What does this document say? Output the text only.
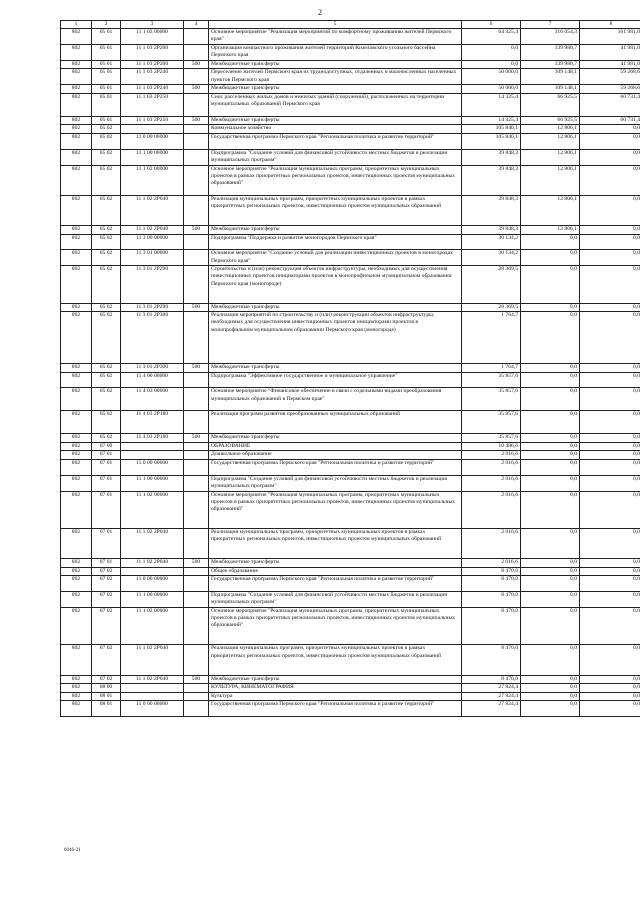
2
1	2	3	4	5	6	7	8
802	05 01	11 1 03 00000		Основное мероприятие "Реализация мероприятий по комфортному проживанию жителей Пермского края"	64 325,4	316 054,3	161 981,0
802	05 01	11 1 03 2Р200		Организация компактного проживания жителей территорий Кизеловского угольного бассейна Пермского края	0,0	139 980,7	41 981,0
802	05 01	11 1 03 2Р200	500	Межбюджетные трансферты	0,0	139 980,7	41 981,0
802	05 01	11 1 03 2Р240		Переселение жителей Пермского края из труднодоступных, отдаленных и малочисленных населенных пунктов Пермского края	50 000,0	109 148,1	59 268,6
802	05 01	11 1 03 2Р240	500	Межбюджетные трансферты	50 000,0	109 148,1	59 268,6
802	05 01	11 1 03 2Р250		Снос расселенных жилых домов и нежилых зданий (сооружений), расположенных на территории муниципальных образований Пермского края	14 325,4	66 925,5	60 731,4
802	05 01	11 1 03 2Р250	500	Межбюджетные трансферты	14 325,4	66 925,5	60 731,4
802	05 02			Коммунальное хозяйство	105 840,1	12 806,1	0,0
802	05 02	11 0 00 00000		Государственная программа Пермского края "Региональная политика и развитие территорий"	105 840,1	12 806,1	0,0
802	05 02	11 1 00 00000		Подпрограмма "Создание условий для финансовой устойчивости местных бюджетов и реализации муниципальных программ"	39 848,3	12 806,1	0,0
802	05 02	11 1 02 00000		Основное мероприятие "Реализация муниципальных программ, приоритетных муниципальных проектов в рамках приоритетных региональных проектов, инвестиционных проектов муниципальных образований"	39 848,3	12 806,1	0,0
802	05 02	11 1 02 2Р040		Реализация муниципальных программ, приоритетных муниципальных проектов в рамках приоритетных региональных проектов, инвестиционных проектов муниципальных образований	39 848,3	12 806,1	0,0
802	05 02	11 1 02 2Р040	500	Межбюджетные трансферты	39 848,3	12 806,1	0,0
802	05 02	11 3 00 00000		Подпрограмма "Поддержка и развитие моногородов Пермского края"	30 134,2	0,0	0,0
802	05 02	11 3 01 00000		Основное мероприятие "Создание условий для реализации инвестиционных проектов в моногородах Пермского края"	30 134,2	0,0	0,0
802	05 02	11 3 01 2Р290		Строительство и (или) реконструкция объектов инфраструктуры, необходимых для осуществления инвестиционных проектов инициаторами проектов в монопрофильном муниципальном образовании Пермского края (моногороде)	28 369,5	0,0	0,0
802	05 02	11 3 01 2Р290	500	Межбюджетные трансферты	28 369,5	0,0	0,0
802	05 02	11 3 01 2Р300		Реализация мероприятий по строительству и (или) реконструкции объектов инфраструктуры, необходимых для осуществления инвестиционных проектов инициаторами проектов в монопрофильном муниципальном образовании Пермского края (моногороде)	1 764,7	0,0	0,0
802	05 02	11 3 01 2Р300	500	Межбюджетные трансферты	1 764,7	0,0	0,0
802	05 02	11 4 00 00000		Подпрограмма "Эффективное государственное и муниципальное управление"	35 857,6	0,0	0,0
802	05 02	11 4 03 00000		Основное мероприятие "Финансовое обеспечение в связи с отдельными видами преобразования муниципальных образований в Пермском крае"	35 857,6	0,0	0,0
802	05 02	11 4 03 2Р180		Реализация программ развития преобразованных муниципальных образований	35 857,6	0,0	0,0
802	05 02	11 4 03 2Р180	500	Межбюджетные трансферты	35 857,6	0,0	0,0
802	07 00			ОБРАЗОВАНИЕ	10 486,6	0,0	0,0
802	07 01			Дошкольное образование	2 016,6	0,0	0,0
802	07 01	11 0 00 00000		Государственная программа Пермского края "Региональная политика и развитие территорий"	2 016,6	0,0	0,0
802	07 01	11 1 00 00000		Подпрограмма "Создание условий для финансовой устойчивости местных бюджетов и реализации муниципальных программ"	2 016,6	0,0	0,0
802	07 01	11 1 02 00000		Основное мероприятие "Реализация муниципальных программ, приоритетных муниципальных проектов в рамках приоритетных региональных проектов, инвестиционных проектов муниципальных образований"	2 016,6	0,0	0,0
802	07 01	11 1 02 2Р040		Реализация муниципальных программ, приоритетных муниципальных проектов в рамках приоритетных региональных проектов, инвестиционных проектов муниципальных образований	2 016,6	0,0	0,0
802	07 01	11 1 02 2Р040	500	Межбюджетные трансферты	2 016,6	0,0	0,0
802	07 02			Общее образование	8 470,0	0,0	0,0
802	07 02	11 0 00 00000		Государственная программа Пермского края "Региональная политика и развитие территорий"	8 470,0	0,0	0,0
802	07 02	11 1 00 00000		Подпрограмма "Создание условий для финансовой устойчивости местных бюджетов и реализации муниципальных программ"	8 470,0	0,0	0,0
802	07 02	11 1 02 00000		Основное мероприятие "Реализация муниципальных программ, приоритетных муниципальных проектов в рамках приоритетных региональных проектов, инвестиционных проектов муниципальных образований"	8 470,0	0,0	0,0
802	07 02	11 1 02 2Р040		Реализация муниципальных программ, приоритетных муниципальных проектов в рамках приоритетных региональных проектов, инвестиционных проектов муниципальных образований	8 470,0	0,0	0,0
802	07 02	11 1 02 2Р040	500	Межбюджетные трансферты	8 470,0	0,0	0,0
802	08 00			КУЛЬТУРА, КИНЕМАТОГРАФИЯ	27 824,4	0,0	0,0
802	08 01			Культура	27 824,4	0,0	0,0
802	08 01	11 0 00 00000		Государственная программа Пермского края "Региональная политика и развитие территорий"	27 824,4	0,0	0,0
6046-21
